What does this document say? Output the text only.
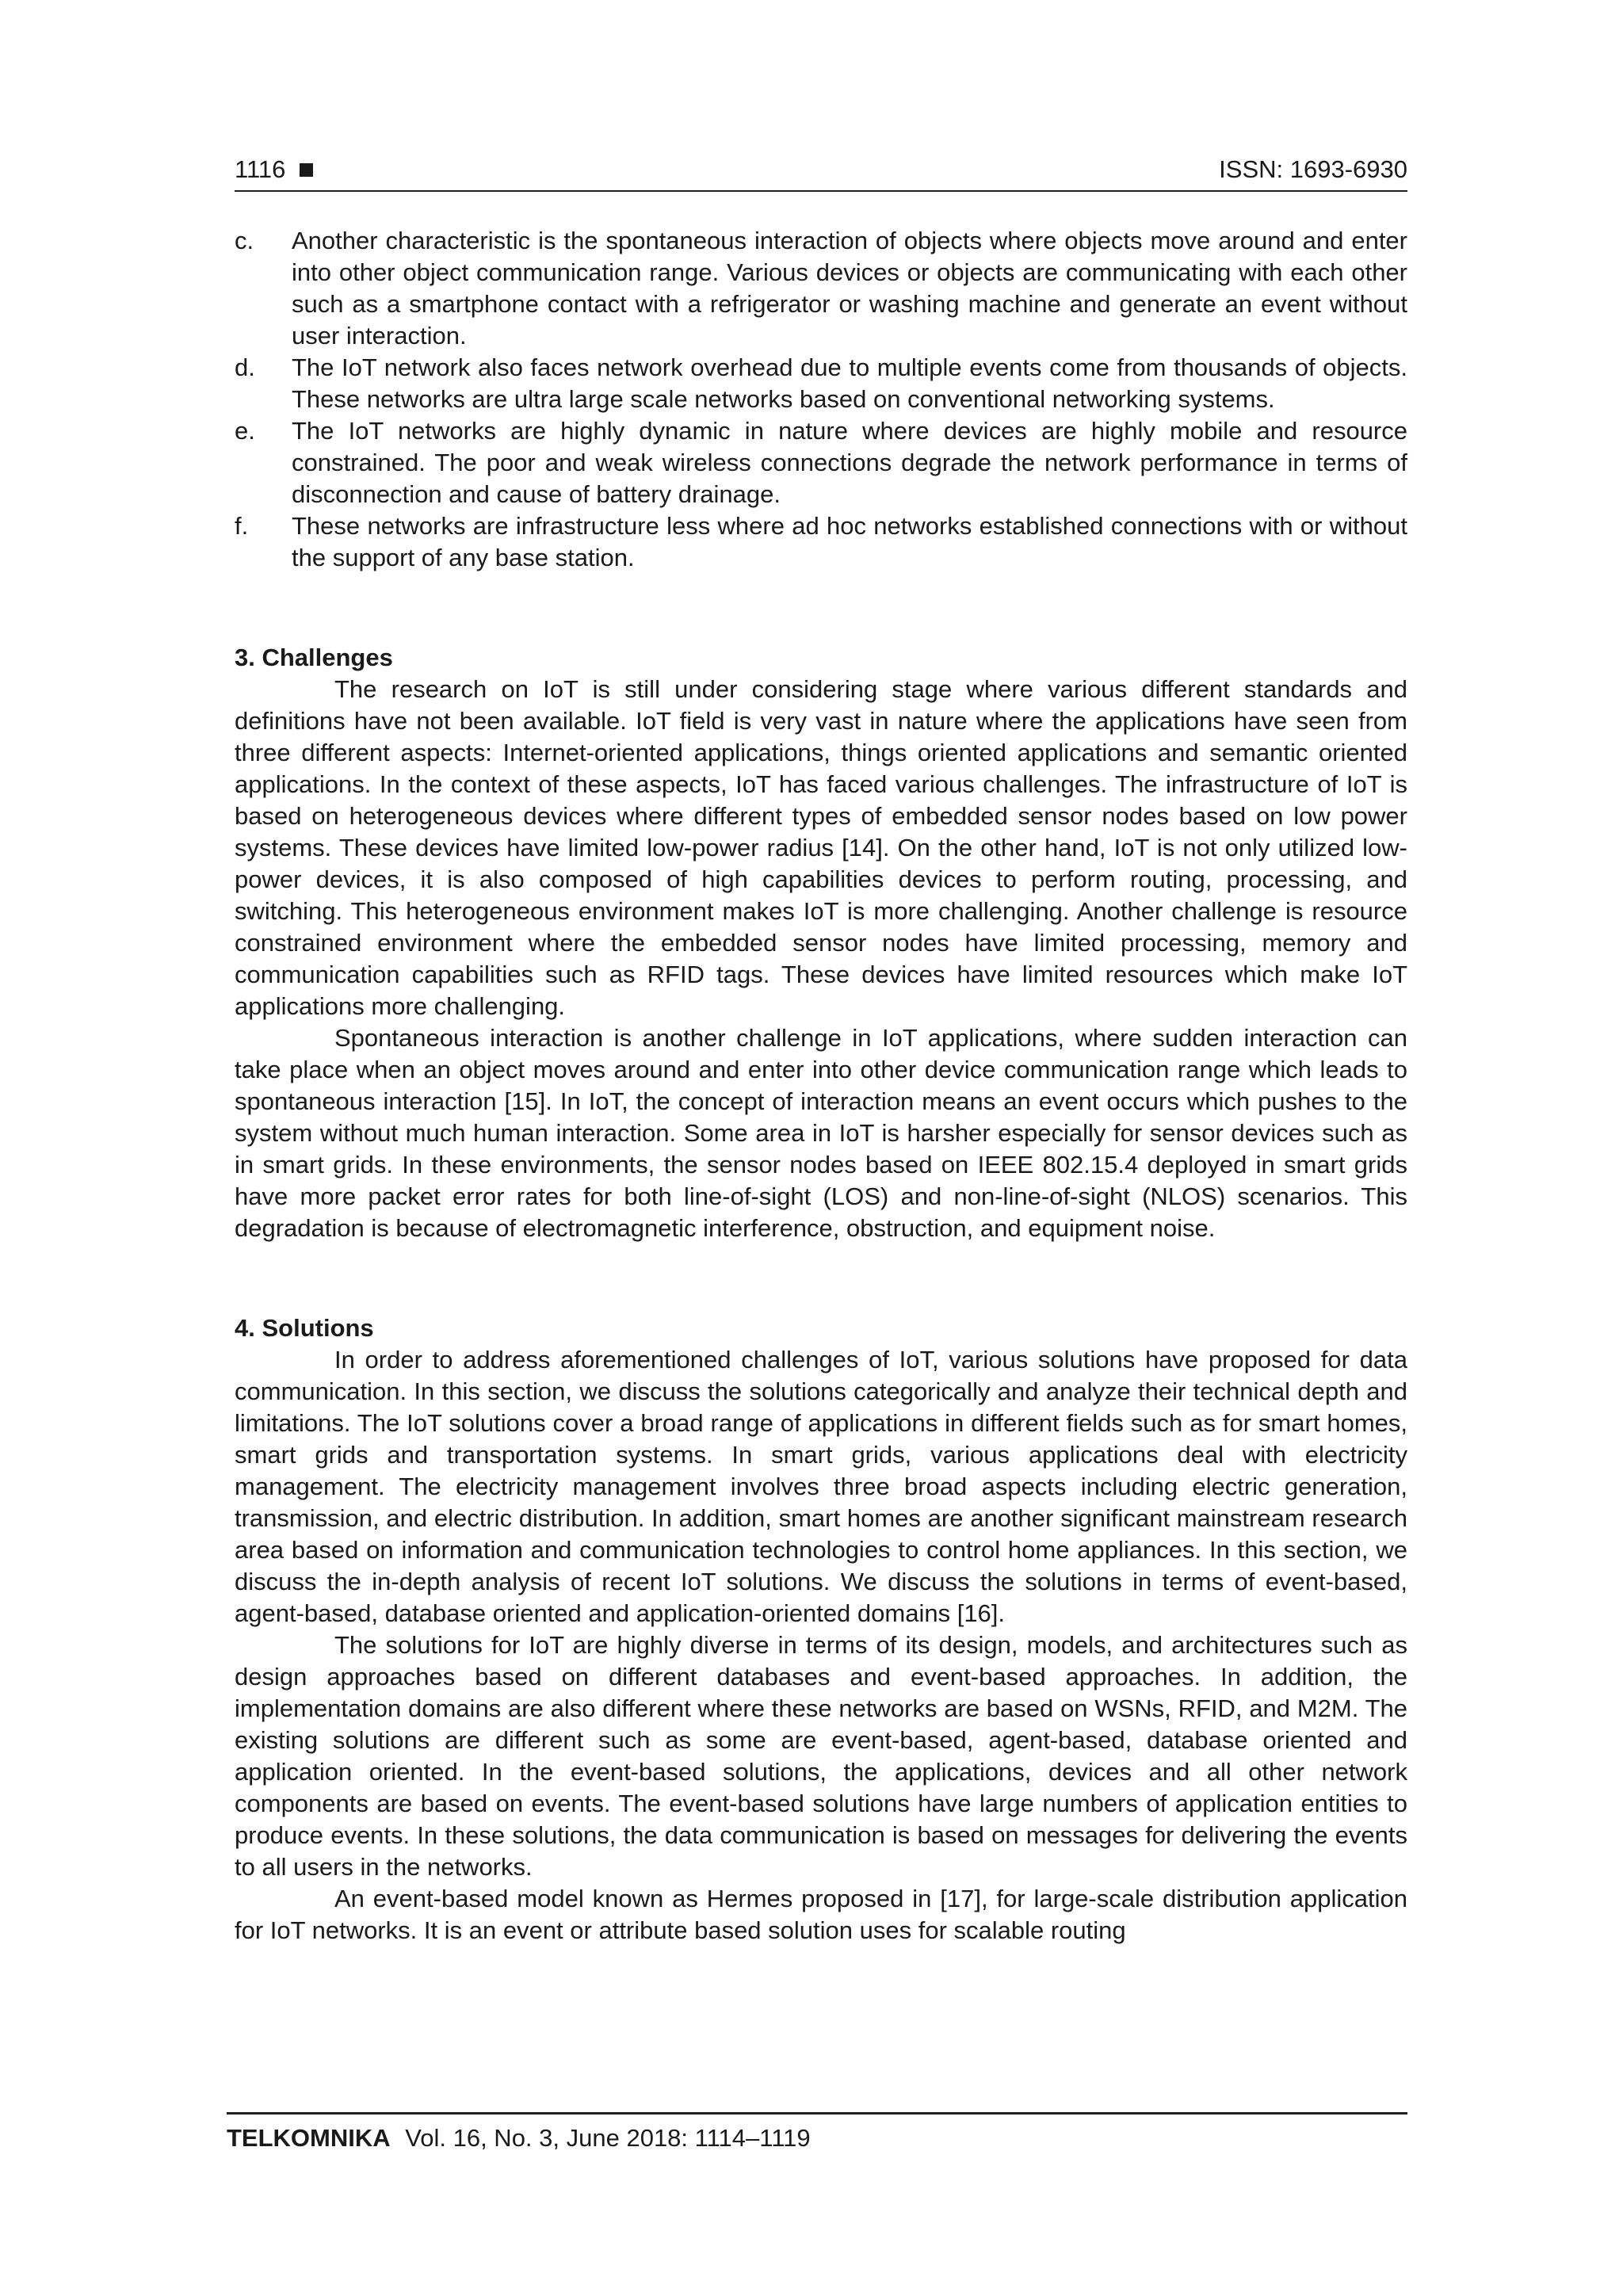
1116	ISSN: 1693-6930
c.	Another characteristic is the spontaneous interaction of objects where objects move around and enter into other object communication range. Various devices or objects are communicating with each other such as a smartphone contact with a refrigerator or washing machine and generate an event without user interaction.
d.	The IoT network also faces network overhead due to multiple events come from thousands of objects. These networks are ultra large scale networks based on conventional networking systems.
e.	The IoT networks are highly dynamic in nature where devices are highly mobile and resource constrained. The poor and weak wireless connections degrade the network performance in terms of disconnection and cause of battery drainage.
f.	These networks are infrastructure less where ad hoc networks established connections with or without the support of any base station.
3. Challenges

The research on IoT is still under considering stage where various different standards and definitions have not been available. IoT field is very vast in nature where the applications have seen from three different aspects: Internet-oriented applications, things oriented applications and semantic oriented applications. In the context of these aspects, IoT has faced various challenges. The infrastructure of IoT is based on heterogeneous devices where different types of embedded sensor nodes based on low power systems. These devices have limited low-power radius [14]. On the other hand, IoT is not only utilized low-power devices, it is also composed of high capabilities devices to perform routing, processing, and switching. This heterogeneous environment makes IoT is more challenging. Another challenge is resource constrained environment where the embedded sensor nodes have limited processing, memory and communication capabilities such as RFID tags. These devices have limited resources which make IoT applications more challenging.

Spontaneous interaction is another challenge in IoT applications, where sudden interaction can take place when an object moves around and enter into other device communication range which leads to spontaneous interaction [15]. In IoT, the concept of interaction means an event occurs which pushes to the system without much human interaction. Some area in IoT is harsher especially for sensor devices such as in smart grids. In these environments, the sensor nodes based on IEEE 802.15.4 deployed in smart grids have more packet error rates for both line-of-sight (LOS) and non-line-of-sight (NLOS) scenarios. This degradation is because of electromagnetic interference, obstruction, and equipment noise.

4. Solutions

In order to address aforementioned challenges of IoT, various solutions have proposed for data communication. In this section, we discuss the solutions categorically and analyze their technical depth and limitations. The IoT solutions cover a broad range of applications in different fields such as for smart homes, smart grids and transportation systems. In smart grids, various applications deal with electricity management. The electricity management involves three broad aspects including electric generation, transmission, and electric distribution. In addition, smart homes are another significant mainstream research area based on information and communication technologies to control home appliances. In this section, we discuss the in-depth analysis of recent IoT solutions. We discuss the solutions in terms of event-based, agent-based, database oriented and application-oriented domains [16].

The solutions for IoT are highly diverse in terms of its design, models, and architectures such as design approaches based on different databases and event-based approaches. In addition, the implementation domains are also different where these networks are based on WSNs, RFID, and M2M. The existing solutions are different such as some are event-based, agent-based, database oriented and application oriented. In the event-based solutions, the applications, devices and all other network components are based on events. The event-based solutions have large numbers of application entities to produce events. In these solutions, the data communication is based on messages for delivering the events to all users in the networks.

An event-based model known as Hermes proposed in [17], for large-scale distribution application for IoT networks. It is an event or attribute based solution uses for scalable routing

TELKOMNIKA Vol. 16, No. 3, June 2018: 1114–1119
